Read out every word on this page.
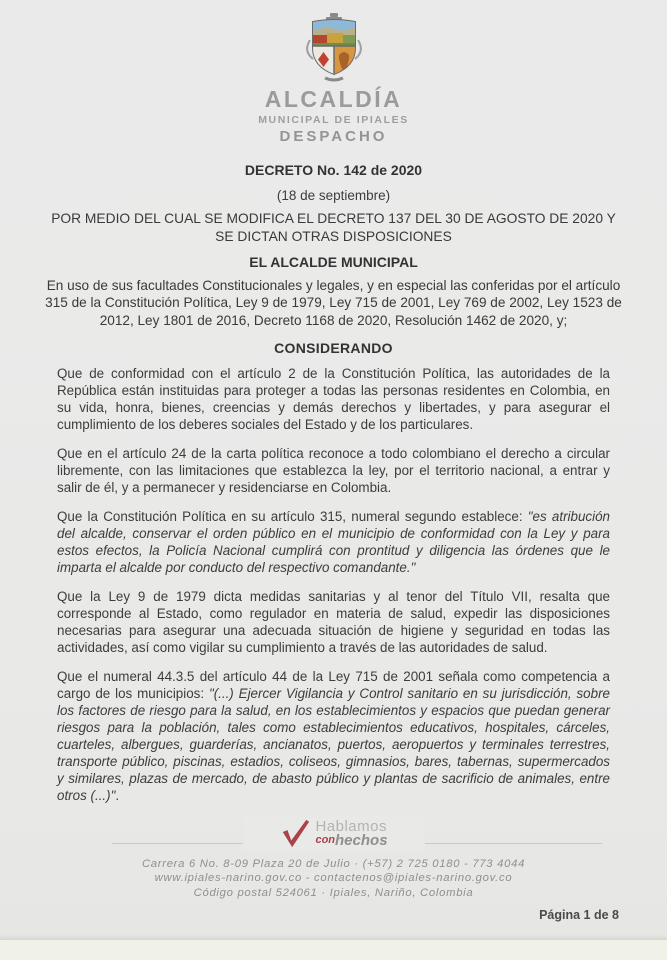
ALCALDÍA
MUNICIPAL DE IPIALES
DESPACHO
DECRETO No. 142 de 2020
(18 de septiembre)
POR MEDIO DEL CUAL SE MODIFICA EL DECRETO 137 DEL 30 DE AGOSTO DE 2020 Y SE DICTAN OTRAS DISPOSICIONES
EL ALCALDE MUNICIPAL
En uso de sus facultades Constitucionales y legales, y en especial las conferidas por el artículo 315 de la Constitución Política, Ley 9 de 1979, Ley 715 de 2001, Ley 769 de 2002, Ley 1523 de 2012, Ley 1801 de 2016, Decreto 1168 de 2020, Resolución 1462 de 2020, y;
CONSIDERANDO

Que de conformidad con el artículo 2 de la Constitución Política, las autoridades de la República están instituidas para proteger a todas las personas residentes en Colombia, en su vida, honra, bienes, creencias y demás derechos y libertades, y para asegurar el cumplimiento de los deberes sociales del Estado y de los particulares.

Que en el artículo 24 de la carta política reconoce a todo colombiano el derecho a circular libremente, con las limitaciones que establezca la ley, por el territorio nacional, a entrar y salir de él, y a permanecer y residenciarse en Colombia.

Que la Constitución Política en su artículo 315, numeral segundo establece: "es atribución del alcalde, conservar el orden público en el municipio de conformidad con la Ley y para estos efectos, la Policía Nacional cumplirá con prontitud y diligencia las órdenes que le imparta el alcalde por conducto del respectivo comandante."

Que la Ley 9 de 1979 dicta medidas sanitarias y al tenor del Título VII, resalta que corresponde al Estado, como regulador en materia de salud, expedir las disposiciones necesarias para asegurar una adecuada situación de higiene y seguridad en todas las actividades, así como vigilar su cumplimiento a través de las autoridades de salud.

Que el numeral 44.3.5 del artículo 44 de la Ley 715 de 2001 señala como competencia a cargo de los municipios: "(...) Ejercer Vigilancia y Control sanitario en su jurisdicción, sobre los factores de riesgo para la salud, en los establecimientos y espacios que puedan generar riesgos para la población, tales como establecimientos educativos, hospitales, cárceles, cuarteles, albergues, guarderías, ancianatos, puertos, aeropuertos y terminales terrestres, transporte público, piscinas, estadios, coliseos, gimnasios, bares, tabernas, supermercados y similares, plazas de mercado, de abasto público y plantas de sacrificio de animales, entre otros (...)".

Hablamos
conhechos
Carrera 6 No. 8-09 Plaza 20 de Julio · (+57) 2 725 0180 - 773 4044
www.ipiales-narino.gov.co - contactenos@ipiales-narino.gov.co
Código postal 524061 · Ipiales, Nariño, Colombia
Página 1 de 8
